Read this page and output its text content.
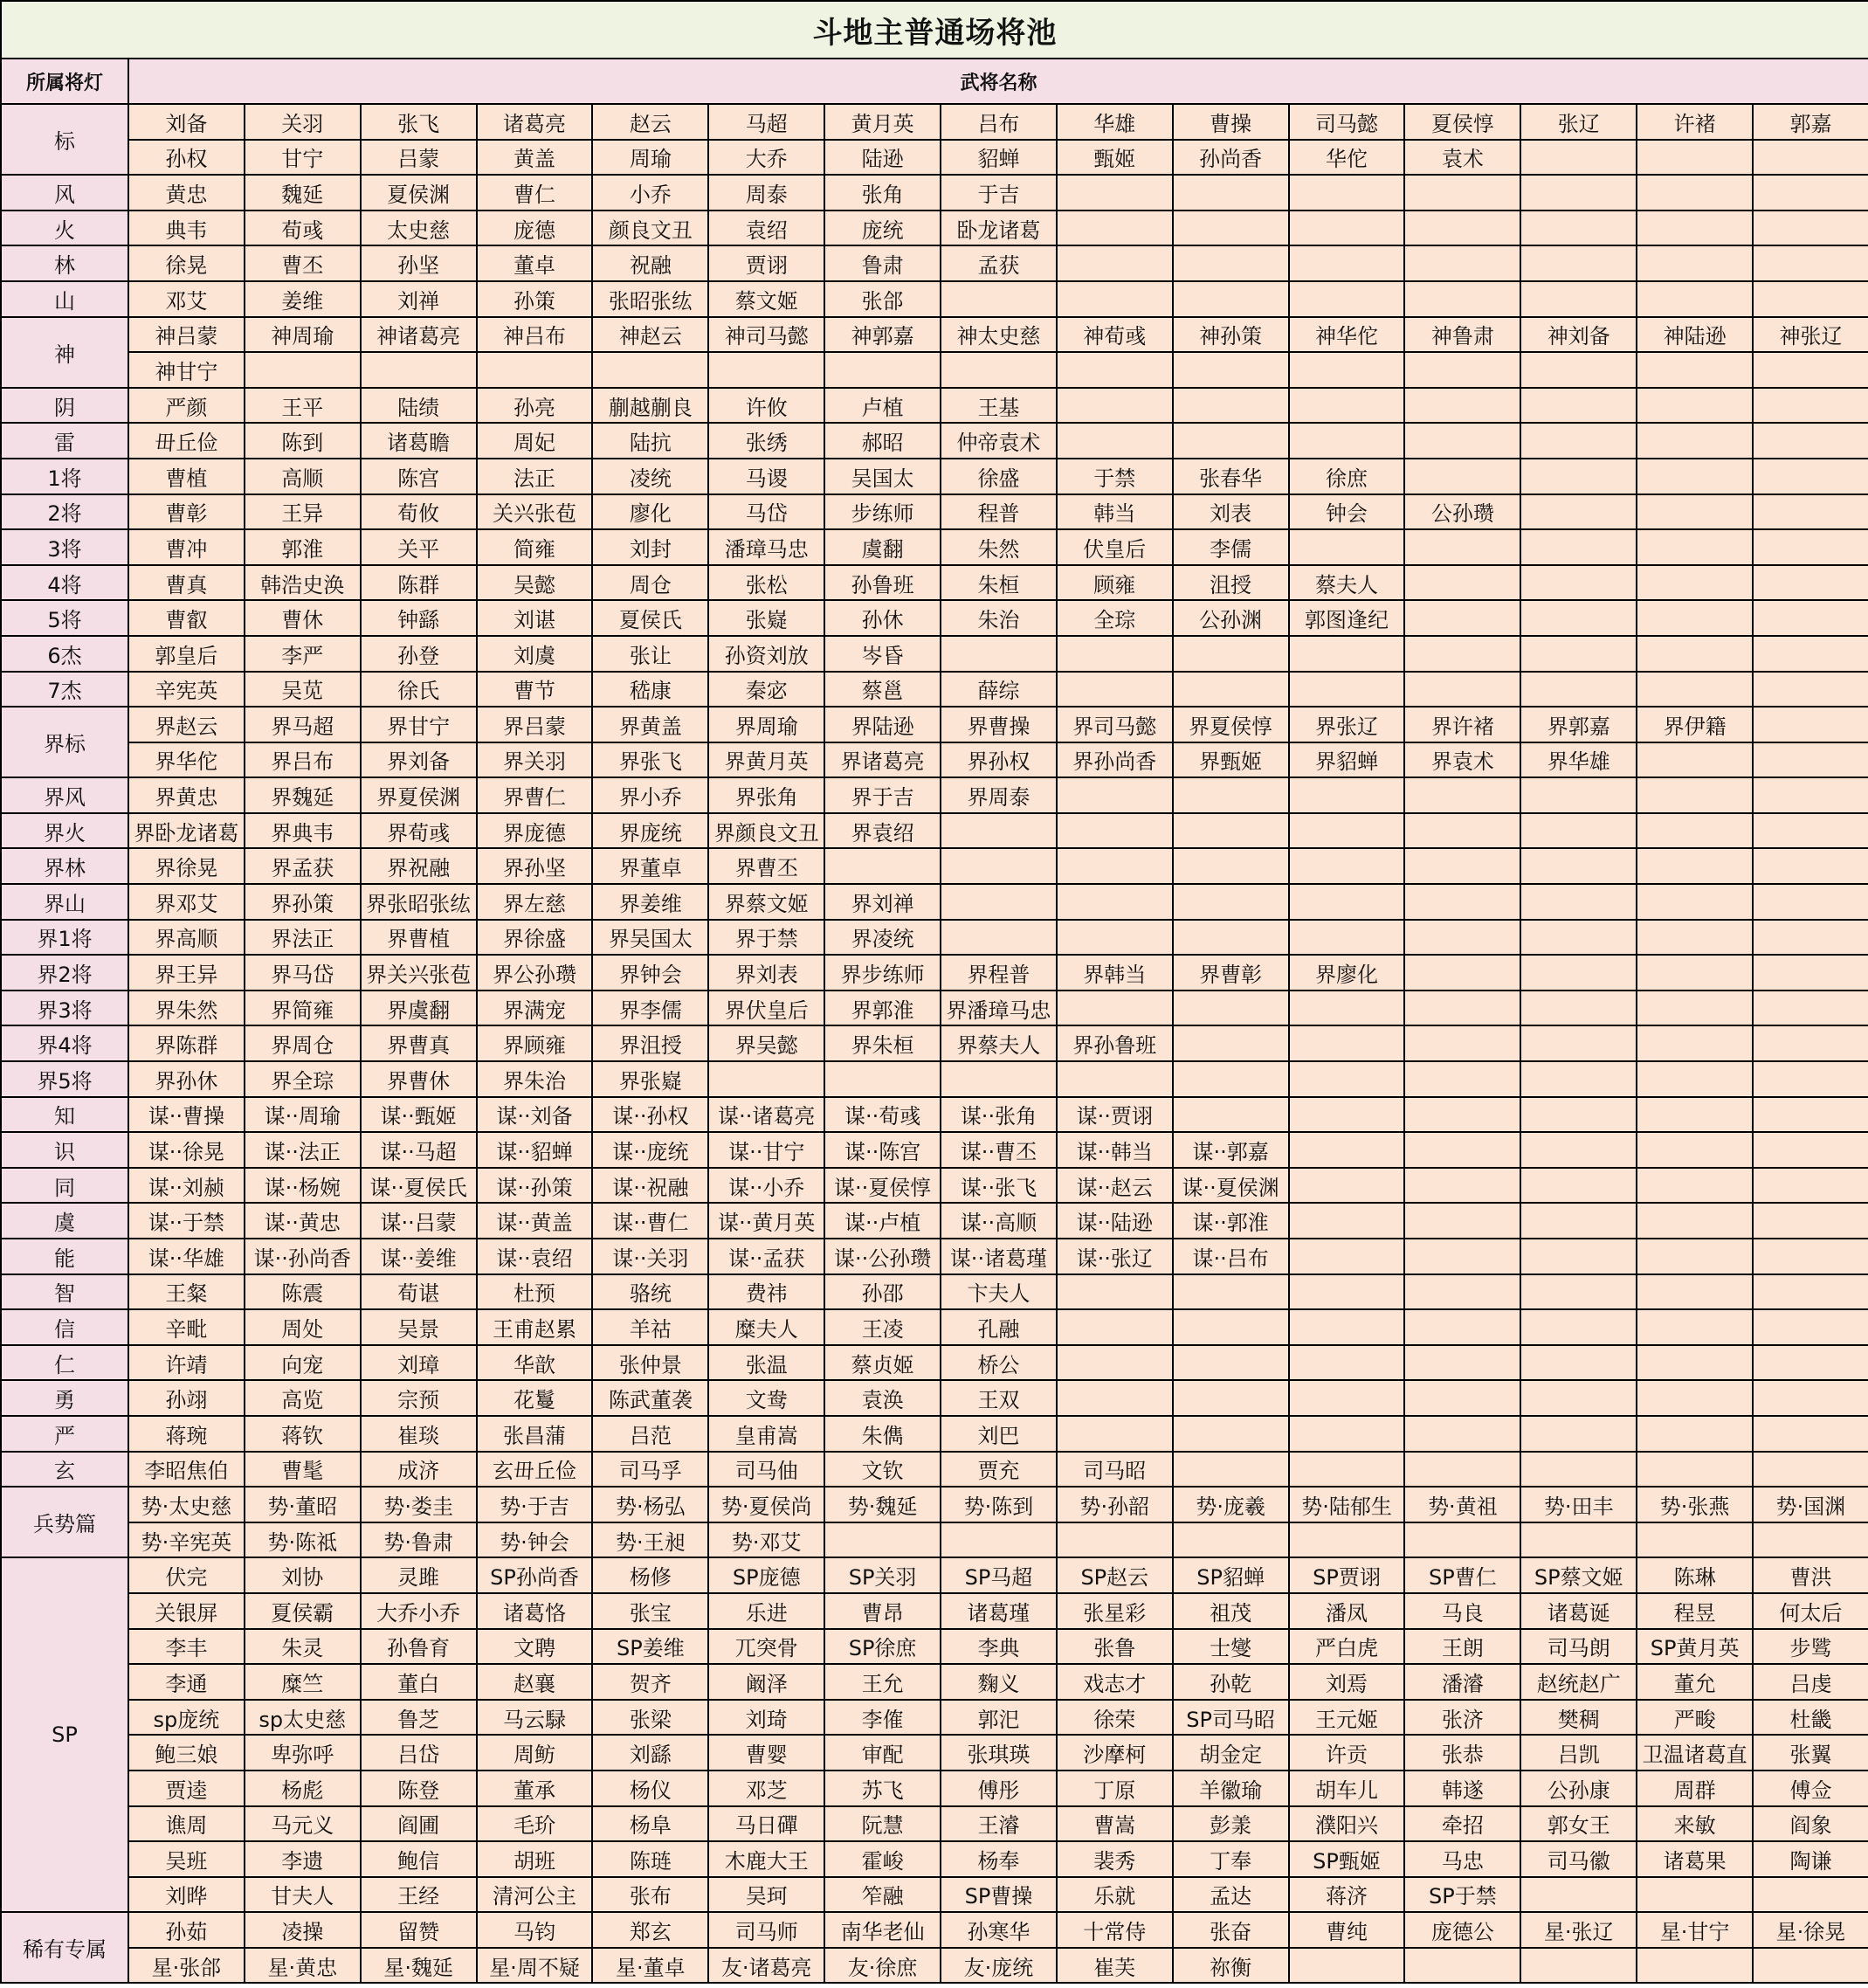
斗地主普通场将池															
所属将灯	武将名称														
标	刘备	关羽	张飞	诸葛亮	赵云	马超	黄月英	吕布	华雄	曹操	司马懿	夏侯惇	张辽	许褚	郭嘉
	孙权	甘宁	吕蒙	黄盖	周瑜	大乔	陆逊	貂蝉	甄姬	孙尚香	华佗	袁术			
风	黄忠	魏延	夏侯渊	曹仁	小乔	周泰	张角	于吉							
火	典韦	荀彧	太史慈	庞德	颜良文丑	袁绍	庞统	卧龙诸葛							
林	徐晃	曹丕	孙坚	董卓	祝融	贾诩	鲁肃	孟获							
山	邓艾	姜维	刘禅	孙策	张昭张纮	蔡文姬	张郃								
神	神吕蒙	神周瑜	神诸葛亮	神吕布	神赵云	神司马懿	神郭嘉	神太史慈	神荀彧	神孙策	神华佗	神鲁肃	神刘备	神陆逊	神张辽
	神甘宁														
阴	严颜	王平	陆绩	孙亮	蒯越蒯良	许攸	卢植	王基							
雷	毌丘俭	陈到	诸葛瞻	周妃	陆抗	张绣	郝昭	仲帝袁术							
1将	曹植	高顺	陈宫	法正	凌统	马谡	吴国太	徐盛	于禁	张春华	徐庶				
2将	曹彰	王异	荀攸	关兴张苞	廖化	马岱	步练师	程普	韩当	刘表	钟会	公孙瓒			
3将	曹冲	郭淮	关平	简雍	刘封	潘璋马忠	虞翻	朱然	伏皇后	李儒					
4将	曹真	韩浩史涣	陈群	吴懿	周仓	张松	孙鲁班	朱桓	顾雍	沮授	蔡夫人				
5将	曹叡	曹休	钟繇	刘谌	夏侯氏	张嶷	孙休	朱治	全琮	公孙渊	郭图逢纪				
6杰	郭皇后	李严	孙登	刘虞	张让	孙资刘放	岑昏								
7杰	辛宪英	吴苋	徐氏	曹节	嵇康	秦宓	蔡邕	薛综							
界标	界赵云	界马超	界甘宁	界吕蒙	界黄盖	界周瑜	界陆逊	界曹操	界司马懿	界夏侯惇	界张辽	界许褚	界郭嘉	界伊籍	
	界华佗	界吕布	界刘备	界关羽	界张飞	界黄月英	界诸葛亮	界孙权	界孙尚香	界甄姬	界貂蝉	界袁术	界华雄		
界风	界黄忠	界魏延	界夏侯渊	界曹仁	界小乔	界张角	界于吉	界周泰							
界火	界卧龙诸葛	界典韦	界荀彧	界庞德	界庞统	界颜良文丑	界袁绍								
界林	界徐晃	界孟获	界祝融	界孙坚	界董卓	界曹丕									
界山	界邓艾	界孙策	界张昭张纮	界左慈	界姜维	界蔡文姬	界刘禅								
界1将	界高顺	界法正	界曹植	界徐盛	界吴国太	界于禁	界凌统								
界2将	界王异	界马岱	界关兴张苞	界公孙瓒	界钟会	界刘表	界步练师	界程普	界韩当	界曹彰	界廖化				
界3将	界朱然	界简雍	界虞翻	界满宠	界李儒	界伏皇后	界郭淮	界潘璋马忠							
界4将	界陈群	界周仓	界曹真	界顾雍	界沮授	界吴懿	界朱桓	界蔡夫人	界孙鲁班						
界5将	界孙休	界全琮	界曹休	界朱治	界张嶷										
知	谋··曹操	谋··周瑜	谋··甄姬	谋··刘备	谋··孙权	谋··诸葛亮	谋··荀彧	谋··张角	谋··贾诩						
识	谋··徐晃	谋··法正	谋··马超	谋··貂蝉	谋··庞统	谋··甘宁	谋··陈宫	谋··曹丕	谋··韩当	谋··郭嘉					
同	谋··刘赪	谋··杨婉	谋··夏侯氏	谋··孙策	谋··祝融	谋··小乔	谋··夏侯惇	谋··张飞	谋··赵云	谋··夏侯渊					
虞	谋··于禁	谋··黄忠	谋··吕蒙	谋··黄盖	谋··曹仁	谋··黄月英	谋··卢植	谋··高顺	谋··陆逊	谋··郭淮					
能	谋··华雄	谋··孙尚香	谋··姜维	谋··袁绍	谋··关羽	谋··孟获	谋··公孙瓒	谋··诸葛瑾	谋··张辽	谋··吕布					
智	王粲	陈震	荀谌	杜预	骆统	费祎	孙邵	卞夫人							
信	辛毗	周处	吴景	王甫赵累	羊祜	糜夫人	王凌	孔融							
仁	许靖	向宠	刘璋	华歆	张仲景	张温	蔡贞姬	桥公							
勇	孙翊	高览	宗预	花鬘	陈武董袭	文鸯	袁涣	王双							
严	蒋琬	蒋钦	崔琰	张昌蒲	吕范	皇甫嵩	朱儁	刘巴							
玄	李昭焦伯	曹髦	成济	玄毌丘俭	司马孚	司马伷	文钦	贾充	司马昭						
兵势篇	势·太史慈	势·董昭	势·娄圭	势·于吉	势·杨弘	势·夏侯尚	势·魏延	势·陈到	势·孙韶	势·庞羲	势·陆郁生	势·黄祖	势·田丰	势·张燕	势·国渊
	势·辛宪英	势·陈祗	势·鲁肃	势·钟会	势·王昶	势·邓艾									
SP	伏完	刘协	灵雎	SP孙尚香	杨修	SP庞德	SP关羽	SP马超	SP赵云	SP貂蝉	SP贾诩	SP曹仁	SP蔡文姬	陈琳	曹洪
	关银屏	夏侯霸	大乔小乔	诸葛恪	张宝	乐进	曹昂	诸葛瑾	张星彩	祖茂	潘凤	马良	诸葛诞	程昱	何太后
	李丰	朱灵	孙鲁育	文聘	SP姜维	兀突骨	SP徐庶	李典	张鲁	士燮	严白虎	王朗	司马朗	SP黄月英	步骘
	李通	糜竺	董白	赵襄	贺齐	阚泽	王允	麴义	戏志才	孙乾	刘焉	潘濬	赵统赵广	董允	吕虔
	sp庞统	sp太史慈	鲁芝	马云騄	张梁	刘琦	李傕	郭汜	徐荣	SP司马昭	王元姬	张济	樊稠	严畯	杜畿
	鲍三娘	卑弥呼	吕岱	周鲂	刘繇	曹婴	审配	张琪瑛	沙摩柯	胡金定	许贡	张恭	吕凯	卫温诸葛直	张翼
	贾逵	杨彪	陈登	董承	杨仪	邓芝	苏飞	傅彤	丁原	羊徽瑜	胡车儿	韩遂	公孙康	周群	傅佥
	谯周	马元义	阎圃	毛玠	杨阜	马日磾	阮慧	王濬	曹嵩	彭羕	濮阳兴	牵招	郭女王	来敏	阎象
	吴班	李遗	鲍信	胡班	陈琏	木鹿大王	霍峻	杨奉	裴秀	丁奉	SP甄姬	马忠	司马徽	诸葛果	陶谦
	刘晔	甘夫人	王经	清河公主	张布	吴珂	笮融	SP曹操	乐就	孟达	蒋济	SP于禁			
稀有专属	孙茹	凌操	留赞	马钧	郑玄	司马师	南华老仙	孙寒华	十常侍	张奋	曹纯	庞德公	星·张辽	星·甘宁	星·徐晃
	星·张郃	星·黄忠	星·魏延	星·周不疑	星·董卓	友·诸葛亮	友·徐庶	友·庞统	崔芙	祢衡					
